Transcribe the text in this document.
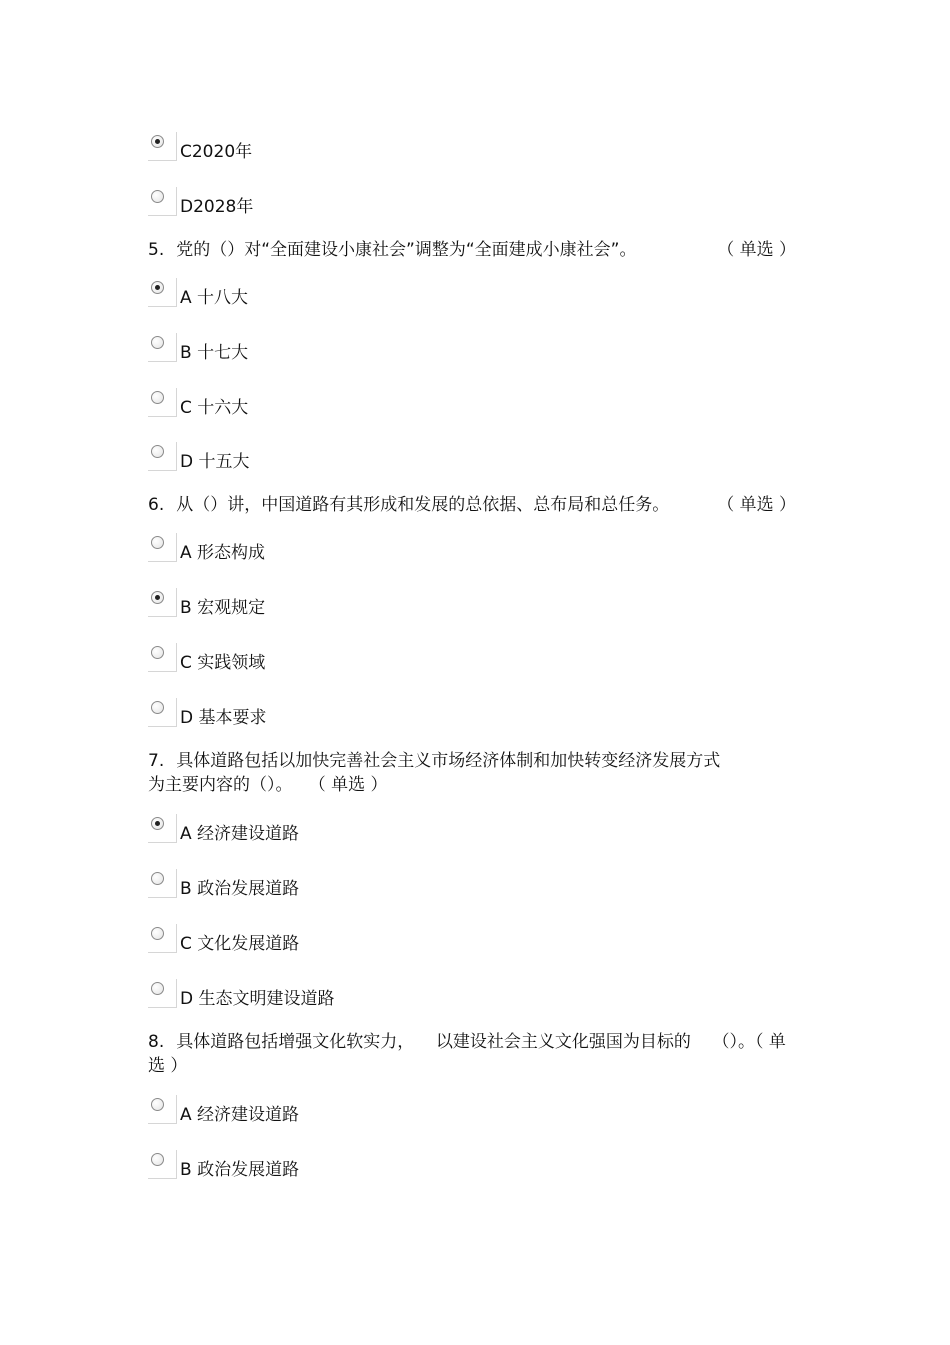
C2020年
D2028年
5. 党的（）对“全面建设小康社会”调整为“全面建成小康社会”。	（ 单选 ）
A 十八大
B 十七大
C 十六大
D 十五大
6. 从（）讲，中国道路有其形成和发展的总依据、总布局和总任务。	（ 单选 ）
A 形态构成
B 宏观规定
C 实践领域
D 基本要求
7. 具体道路包括以加快完善社会主义市场经济体制和加快转变经济发展方式
为主要内容的（）。 （ 单选 ）
A 经济建设道路
B 政治发展道路
C 文化发展道路
D 生态文明建设道路
8. 具体道路包括增强文化软实力，    以建设社会主义文化强国为目标的    （）。（ 单
选 ）
A 经济建设道路
B 政治发展道路
